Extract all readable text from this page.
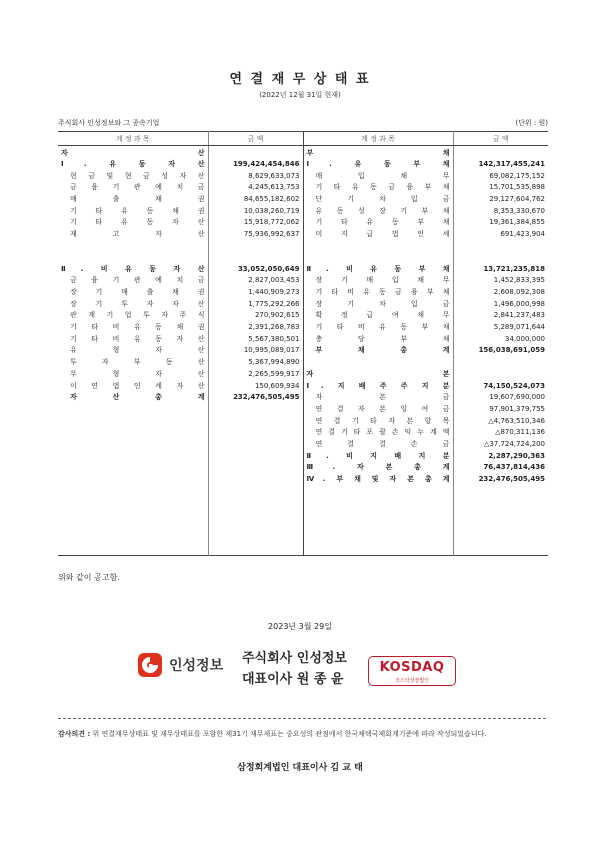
연 결 재 무 상 태 표
(2022년 12월 31일 현재)
주식회사 인성정보와 그 종속기업	(단위 : 원)
계 정 과 목	금 액	계 정 과 목	금 액

자 산		부 채	

Ⅰ. 유 동 자 산	199,424,454,846	Ⅰ. 유 동 부 채	142,317,455,241

현 금 및 현 금 성 자 산	8,629,633,073	매 입 채 무	69,082,175,152

금 융 기 관 예 치 금	4,245,613,753	기 타 유 동 금 융 부 채	15,701,535,898

매 출 채 권	84,655,182,602	단 기 차 입 금	29,127,604,762

기 타 유 동 채 권	10,038,260,719	유 동 성 장 기 부 채	8,353,330,670

기 타 유 동 자 산	15,918,772,062	기 타 유 동 부 채	19,361,384,855

재 고 자 산	75,936,992,637	미 지 급 법 인 세	691,423,904

Ⅱ. 비 유 동 자 산	33,052,050,649	Ⅱ. 비 유 동 부 채	13,721,235,818

금 융 기 관 예 치 금	2,827,003,453	장 기 매 입 채 무	1,452,833,395

장 기 매 출 채 권	1,440,909,273	기 타 비 유 동 금 융 부 채	2,608,092,308

장 기 투 자 자 산	1,775,292,266	장 기 차 입 금	1,496,000,998

관 계 기 업 투 자 주 식	270,902,615	확 정 급 여 채 무	2,841,237,483

기 타 비 유 동 채 권	2,391,268,783	기 타 비 유 동 부 채	5,289,071,644

기 타 비 유 동 자 산	5,567,380,501	충 당 부 채	34,000,000

유 형 자 산	10,995,089,017	부 채 총 계	156,038,691,059

투 자 부 동 산	5,367,994,890		

무 형 자 산	2,265,599,917	자 본	

이 연 법 인 세 자 산	150,609,934	Ⅰ. 지 배 주 주 지 분	74,150,524,073

자 산 총 계	232,476,505,495	자 본 금	19,607,690,000

		연 결 자 본 잉 여 금	97,901,379,755

		연 결 기 타 자 본 항 목	△4,763,510,346

		연 결 기 타 포 괄 손 익 누 계 액	△870,311,136

		연 결 결 손 금	△37,724,724,200

		Ⅱ. 비 지 배 지 분	2,287,290,363

		Ⅲ. 자 본 총 계	76,437,814,436

		Ⅳ. 부 채 및 자 본 총 계	232,476,505,495

위와 같이 공고함.
2023년 3월 29일
인성정보 주식회사 인성정보
대표이사 원 종 윤
KOSDAQ
코스닥상장법인
감사의견 : 위 연결재무상태표 및 재무상태표를 포함한 제31기 재무제표는 중요성의 관점에서 한국채택국제회계기준에 따라 작성되었습니다.
삼정회계법인 대표이사 김 교 태
